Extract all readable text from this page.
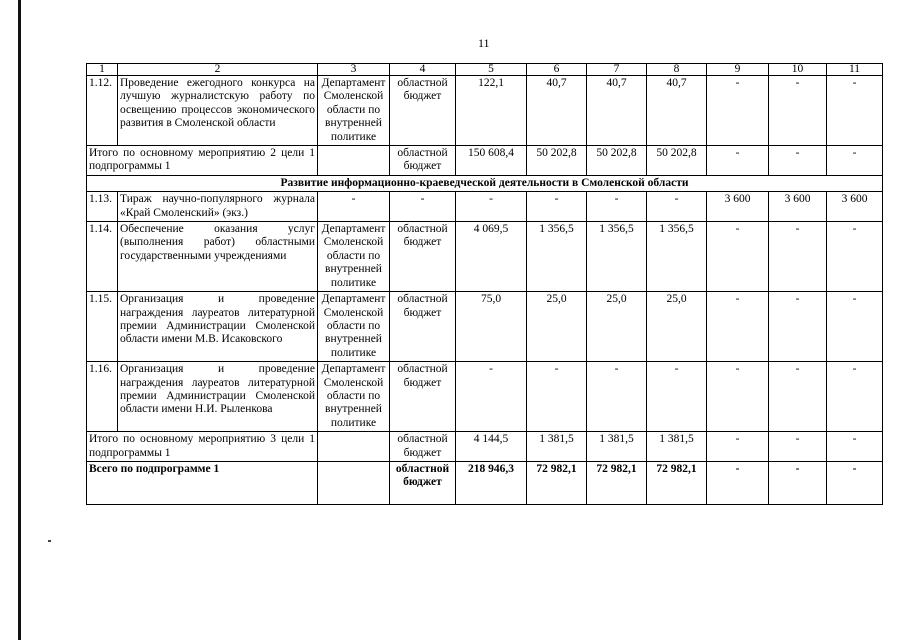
11
1	2	3	4	5	6	7	8	9	10	11
1.12.	Проведение ежегодного конкурса на лучшую журналистскую работу по освещению процессов экономического развития в Смоленской области	Департамент Смоленской области по внутренней политике	областной бюджет	122,1	40,7	40,7	40,7	-	-	-
Итого по основному мероприятию 2 цели 1 подпрограммы 1			областной бюджет	150 608,4	50 202,8	50 202,8	50 202,8	-	-	-
Развитие информационно-краеведческой деятельности в Смоленской области										
1.13.	Тираж научно-популярного журнала «Край Смоленский» (экз.)	-	-	-	-	-	-	3 600	3 600	3 600
1.14.	Обеспечение оказания услуг (выполнения работ) областными государственными учреждениями	Департамент Смоленской области по внутренней политике	областной бюджет	4 069,5	1 356,5	1 356,5	1 356,5	-	-	-
1.15.	Организация и проведение награждения лауреатов литературной премии Администрации Смоленской области имени М.В. Исаковского	Департамент Смоленской области по внутренней политике	областной бюджет	75,0	25,0	25,0	25,0	-	-	-
1.16.	Организация и проведение награждения лауреатов литературной премии Администрации Смоленской области имени Н.И. Рыленкова	Департамент Смоленской области по внутренней политике	областной бюджет	-	-	-	-	-	-	-
Итого по основному мероприятию 3 цели 1 подпрограммы 1			областной бюджет	4 144,5	1 381,5	1 381,5	1 381,5	-	-	-
Всего по подпрограмме 1			областной бюджет	218 946,3	72 982,1	72 982,1	72 982,1	-	-	-
